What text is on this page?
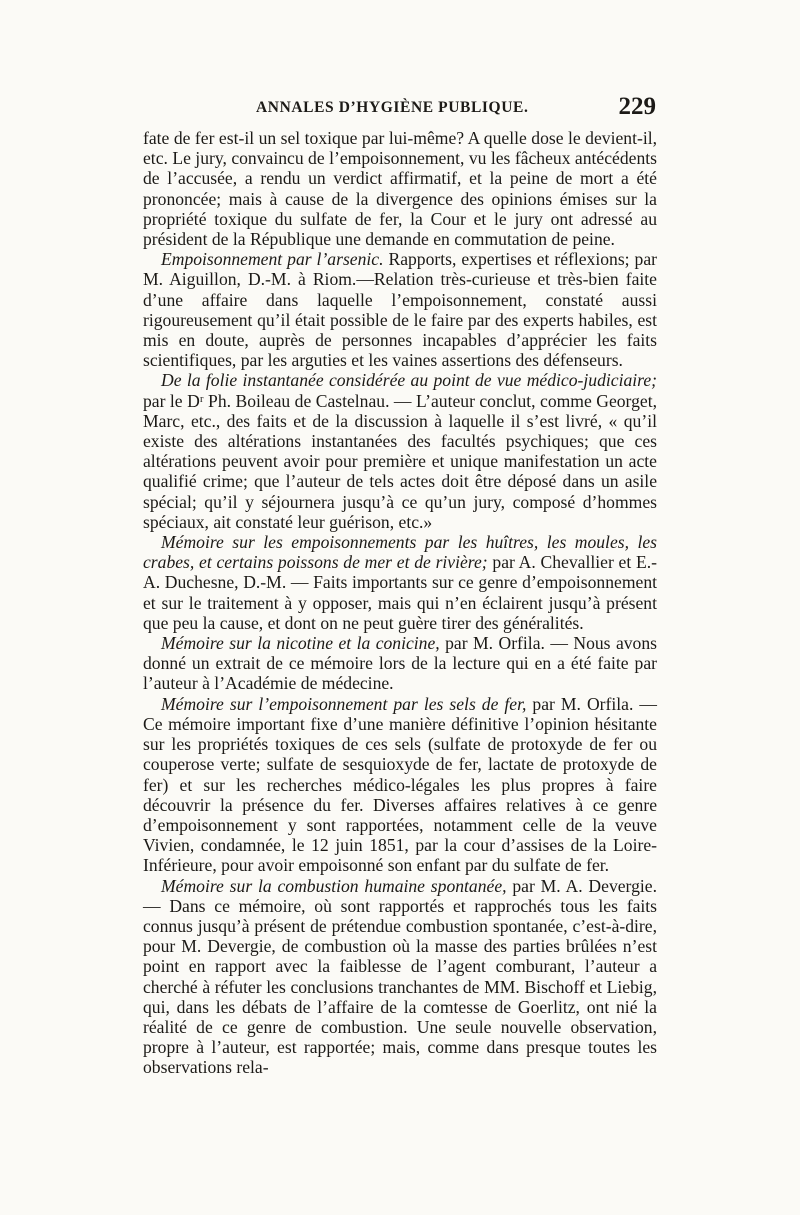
ANNALES D’HYGIÈNE PUBLIQUE.	229

fate de fer est-il un sel toxique par lui-même? A quelle dose le devient-il, etc. Le jury, convaincu de l’empoisonnement, vu les fâcheux antécédents de l’accusée, a rendu un verdict affirmatif, et la peine de mort a été prononcée; mais à cause de la divergence des opinions émises sur la propriété toxique du sulfate de fer, la Cour et le jury ont adressé au président de la République une demande en commutation de peine.

Empoisonnement par l’arsenic. Rapports, expertises et réflexions; par M. Aiguillon, D.-M. à Riom.—Relation très-curieuse et très-bien faite d’une affaire dans laquelle l’empoisonnement, constaté aussi rigoureusement qu’il était possible de le faire par des experts habiles, est mis en doute, auprès de personnes incapables d’apprécier les faits scientifiques, par les arguties et les vaines assertions des défenseurs.

De la folie instantanée considérée au point de vue médico-judiciaire; par le Dʳ Ph. Boileau de Castelnau. — L’auteur conclut, comme Georget, Marc, etc., des faits et de la discussion à laquelle il s’est livré, « qu’il existe des altérations instantanées des facultés psychiques; que ces altérations peuvent avoir pour première et unique manifestation un acte qualifié crime; que l’auteur de tels actes doit être déposé dans un asile spécial; qu’il y séjournera jusqu’à ce qu’un jury, composé d’hommes spéciaux, ait constaté leur guérison, etc.»

Mémoire sur les empoisonnements par les huîtres, les moules, les crabes, et certains poissons de mer et de rivière; par A. Chevallier et E.-A. Duchesne, D.-M. — Faits importants sur ce genre d’empoisonnement et sur le traitement à y opposer, mais qui n’en éclairent jusqu’à présent que peu la cause, et dont on ne peut guère tirer des généralités.

Mémoire sur la nicotine et la conicine, par M. Orfila. — Nous avons donné un extrait de ce mémoire lors de la lecture qui en a été faite par l’auteur à l’Académie de médecine.

Mémoire sur l’empoisonnement par les sels de fer, par M. Orfila. — Ce mémoire important fixe d’une manière définitive l’opinion hésitante sur les propriétés toxiques de ces sels (sulfate de protoxyde de fer ou couperose verte; sulfate de sesquioxyde de fer, lactate de protoxyde de fer) et sur les recherches médico-légales les plus propres à faire découvrir la présence du fer. Diverses affaires relatives à ce genre d’empoisonnement y sont rapportées, notamment celle de la veuve Vivien, condamnée, le 12 juin 1851, par la cour d’assises de la Loire-Inférieure, pour avoir empoisonné son enfant par du sulfate de fer.

Mémoire sur la combustion humaine spontanée, par M. A. Devergie. — Dans ce mémoire, où sont rapportés et rapprochés tous les faits connus jusqu’à présent de prétendue combustion spontanée, c’est-à-dire, pour M. Devergie, de combustion où la masse des parties brûlées n’est point en rapport avec la faiblesse de l’agent comburant, l’auteur a cherché à réfuter les conclusions tranchantes de MM. Bischoff et Liebig, qui, dans les débats de l’affaire de la comtesse de Goerlitz, ont nié la réalité de ce genre de combustion. Une seule nouvelle observation, propre à l’auteur, est rapportée; mais, comme dans presque toutes les observations rela-
